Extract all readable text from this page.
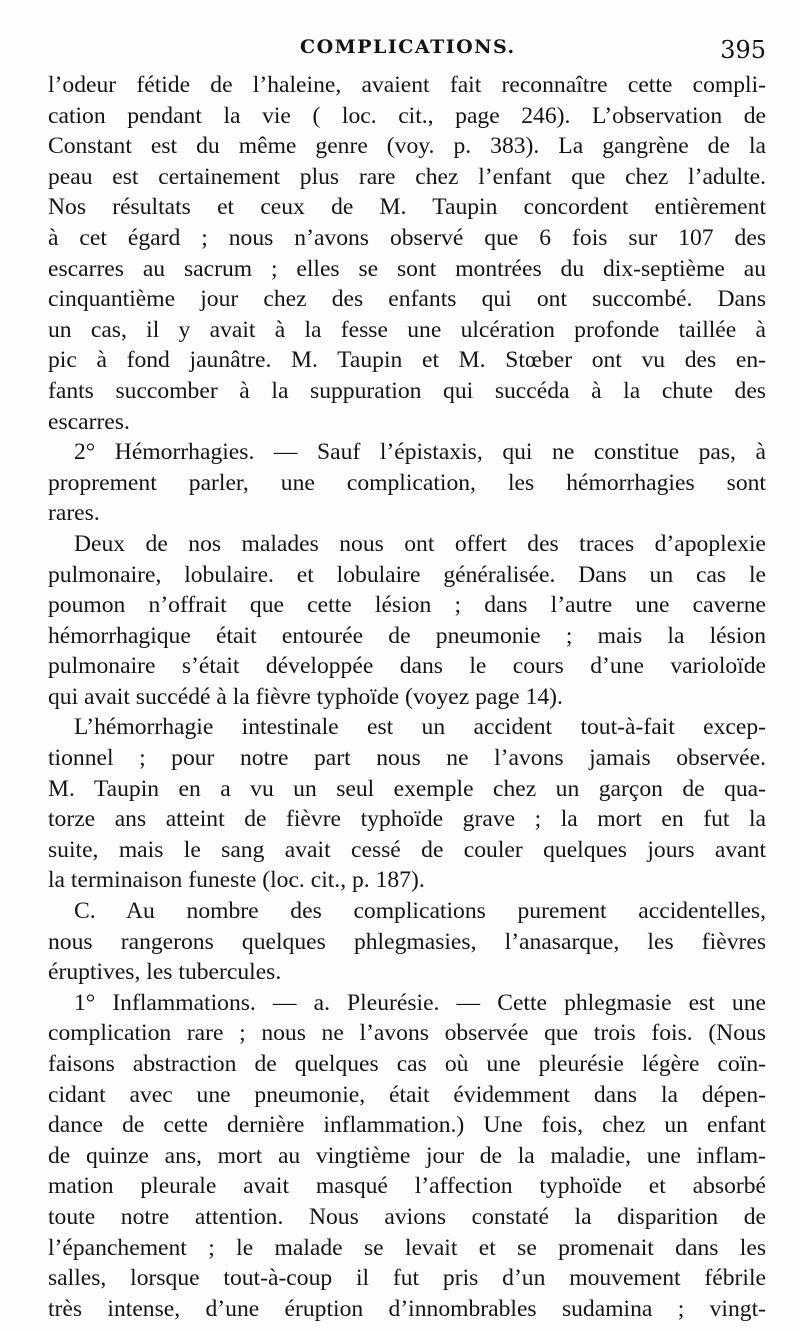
COMPLICATIONS.	395
l’odeur fétide de l’haleine, avaient fait reconnaître cette compli-
cation pendant la vie ( loc. cit., page 246). L’observation de
Constant est du même genre (voy. p. 383). La gangrène de la
peau est certainement plus rare chez l’enfant que chez l’adulte.
Nos résultats et ceux de M. Taupin concordent entièrement
à cet égard ; nous n’avons observé que 6 fois sur 107 des
escarres au sacrum ; elles se sont montrées du dix-septième au
cinquantième jour chez des enfants qui ont succombé. Dans
un cas, il y avait à la fesse une ulcération profonde taillée à
pic à fond jaunâtre. M. Taupin et M. Stœber ont vu des en-
fants succomber à la suppuration qui succéda à la chute des
escarres.
2° Hémorrhagies. — Sauf l’épistaxis, qui ne constitue pas, à
proprement parler, une complication, les hémorrhagies sont
rares.
Deux de nos malades nous ont offert des traces d’apoplexie
pulmonaire, lobulaire. et lobulaire généralisée. Dans un cas le
poumon n’offrait que cette lésion ; dans l’autre une caverne
hémorrhagique était entourée de pneumonie ; mais la lésion
pulmonaire s’était développée dans le cours d’une varioloïde
qui avait succédé à la fièvre typhoïde (voyez page 14).
L’hémorrhagie intestinale est un accident tout-à-fait excep-
tionnel ; pour notre part nous ne l’avons jamais observée.
M. Taupin en a vu un seul exemple chez un garçon de qua-
torze ans atteint de fièvre typhoïde grave ; la mort en fut la
suite, mais le sang avait cessé de couler quelques jours avant
la terminaison funeste (loc. cit., p. 187).
C. Au nombre des complications purement accidentelles,
nous rangerons quelques phlegmasies, l’anasarque, les fièvres
éruptives, les tubercules.
1° Inflammations. — a. Pleurésie. — Cette phlegmasie est une
complication rare ; nous ne l’avons observée que trois fois. (Nous
faisons abstraction de quelques cas où une pleurésie légère coïn-
cidant avec une pneumonie, était évidemment dans la dépen-
dance de cette dernière inflammation.) Une fois, chez un enfant
de quinze ans, mort au vingtième jour de la maladie, une inflam-
mation pleurale avait masqué l’affection typhoïde et absorbé
toute notre attention. Nous avions constaté la disparition de
l’épanchement ; le malade se levait et se promenait dans les
salles, lorsque tout-à-coup il fut pris d’un mouvement fébrile
très intense, d’une éruption d’innombrables sudamina ; vingt-
